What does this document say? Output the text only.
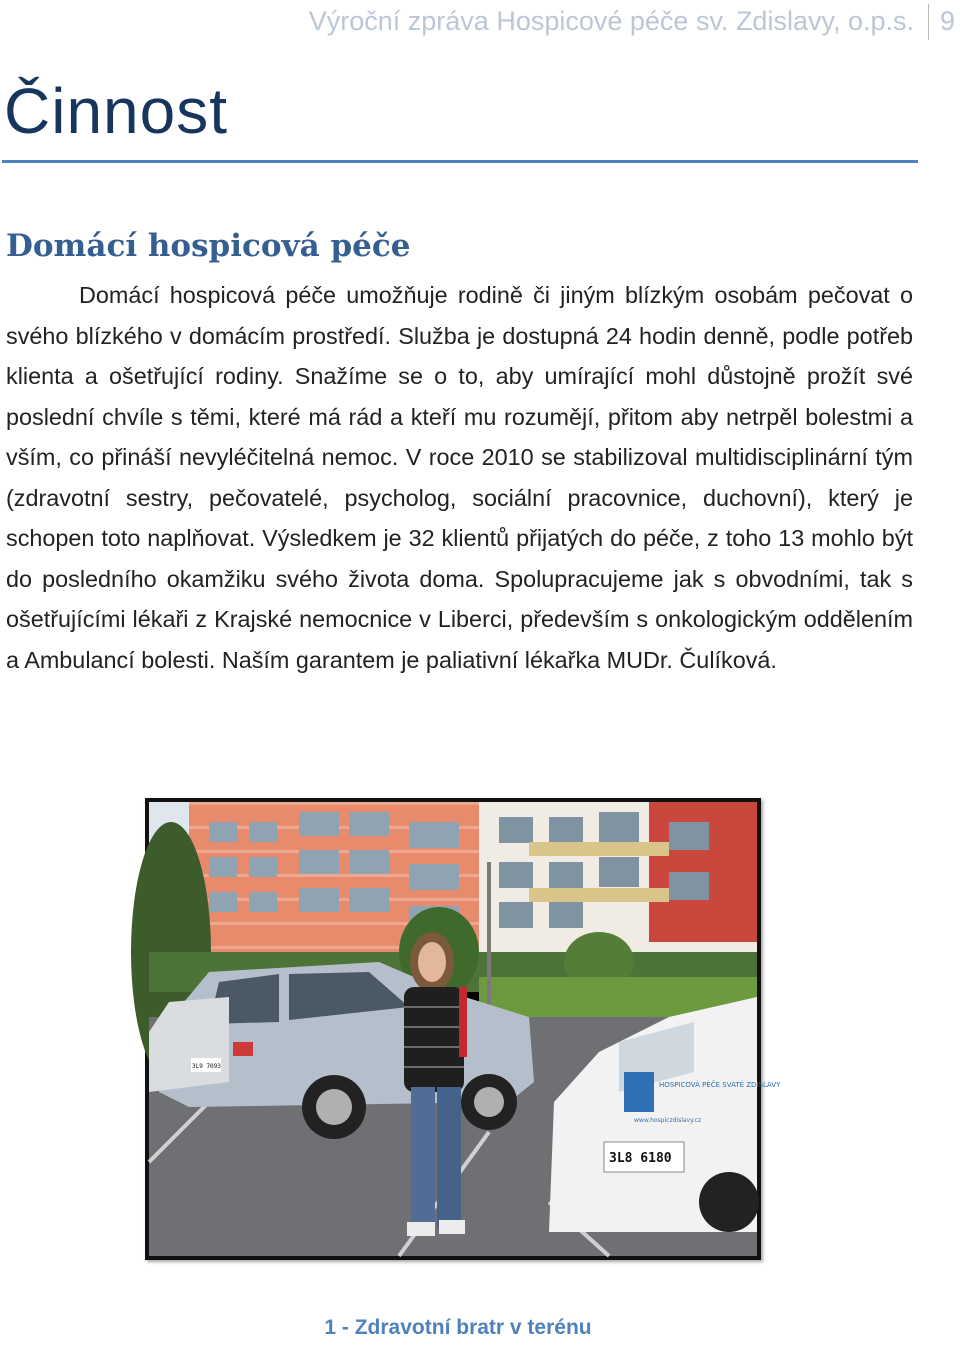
Výroční zpráva Hospicové péče sv. Zdislavy, o.p.s. 9
Činnost
Domácí hospicová péče

Domácí hospicová péče umožňuje rodině či jiným blízkým osobám pečovat o svého blízkého v domácím prostředí. Služba je dostupná 24 hodin denně, podle potřeb klienta a ošetřující rodiny. Snažíme se o to, aby umírající mohl důstojně prožít své poslední chvíle s těmi, které má rád a kteří mu rozumějí, přitom aby netrpěl bolestmi a vším, co přináší nevyléčitelná nemoc. V roce 2010 se stabilizoval multidisciplinární tým (zdravotní sestry, pečovatelé, psycholog, sociální pracovnice, duchovní), který je schopen toto naplňovat. Výsledkem je 32 klientů přijatých do péče, z toho 13 mohlo být do posledního okamžiku svého života doma. Spolupracujeme jak s obvodními, tak s ošetřujícími lékaři z Krajské nemocnice v Liberci, především s onkologickým oddělením a Ambulancí bolesti. Naším garantem je paliativní lékařka MUDr. Čulíková.

3L8 6180
HOSPICOVÁ PÉČE SVATÉ ZDISLAVY
www.hospiczdislavy.cz
3L9 7093
1 - Zdravotní bratr v terénu
